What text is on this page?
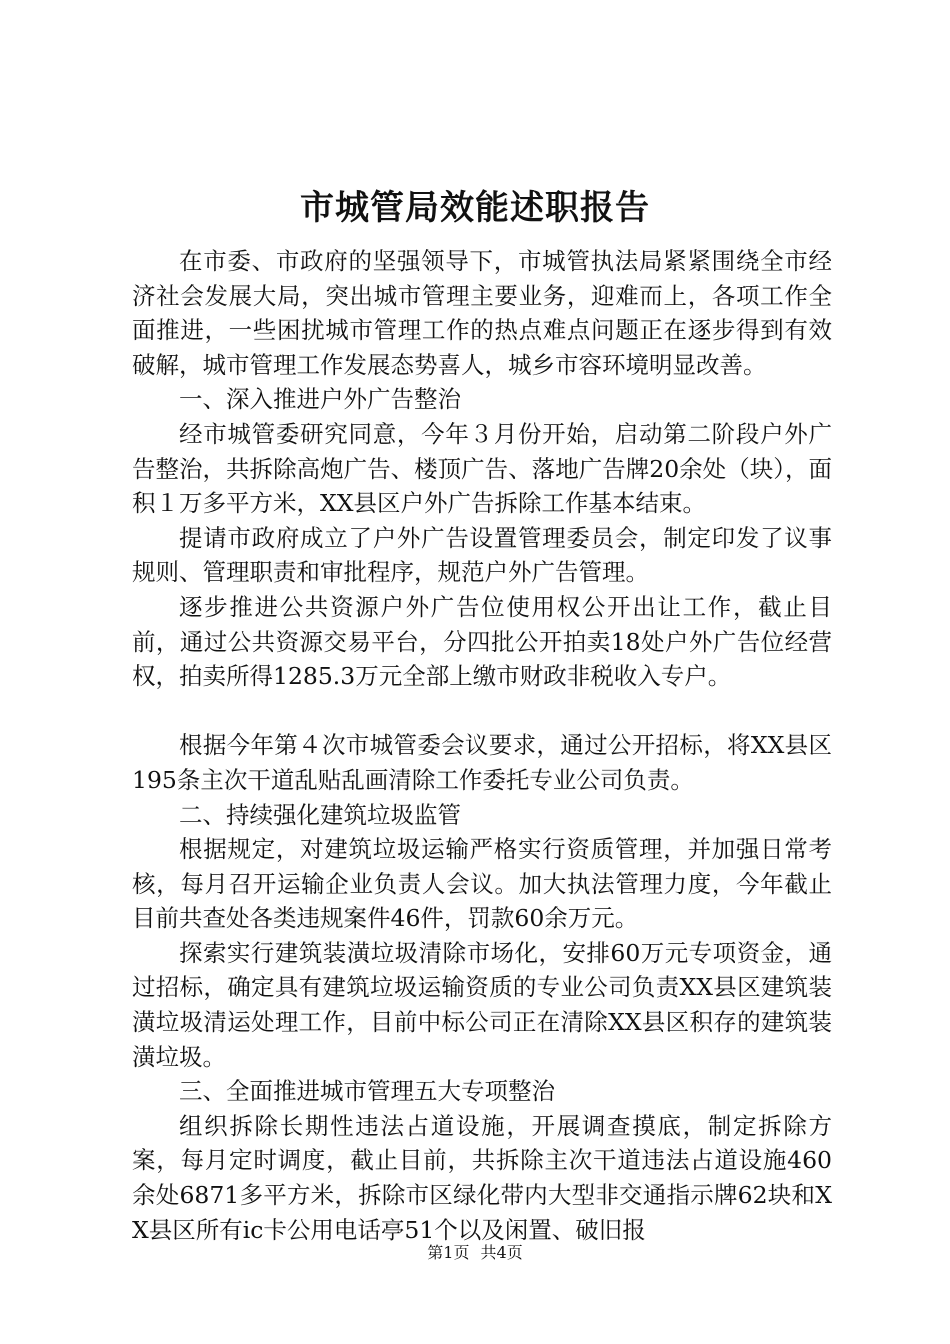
市城管局效能述职报告

在市委、市政府的坚强领导下，市城管执法局紧紧围绕全市经济社会发展大局，突出城市管理主要业务，迎难而上，各项工作全面推进，一些困扰城市管理工作的热点难点问题正在逐步得到有效破解，城市管理工作发展态势喜人，城乡市容环境明显改善。

一、深入推进户外广告整治

经市城管委研究同意，今年３月份开始，启动第二阶段户外广告整治，共拆除高炮广告、楼顶广告、落地广告牌20余处（块），面积１万多平方米，XX县区户外广告拆除工作基本结束。

提请市政府成立了户外广告设置管理委员会，制定印发了议事规则、管理职责和审批程序，规范户外广告管理。

逐步推进公共资源户外广告位使用权公开出让工作，截止目前，通过公共资源交易平台，分四批公开拍卖18处户外广告位经营权，拍卖所得1285.3万元全部上缴市财政非税收入专户。

根据今年第４次市城管委会议要求，通过公开招标，将XX县区195条主次干道乱贴乱画清除工作委托专业公司负责。

二、持续强化建筑垃圾监管

根据规定，对建筑垃圾运输严格实行资质管理，并加强日常考核，每月召开运输企业负责人会议。加大执法管理力度，今年截止目前共查处各类违规案件46件，罚款60余万元。

探索实行建筑装潢垃圾清除市场化，安排60万元专项资金，通过招标，确定具有建筑垃圾运输资质的专业公司负责XX县区建筑装潢垃圾清运处理工作，目前中标公司正在清除XX县区积存的建筑装潢垃圾。

三、全面推进城市管理五大专项整治

组织拆除长期性违法占道设施，开展调查摸底，制定拆除方案，每月定时调度，截止目前，共拆除主次干道违法占道设施460余处6871多平方米，拆除市区绿化带内大型非交通指示牌62块和XX县区所有ic卡公用电话亭51个以及闲置、破旧报

第1页 共4页
